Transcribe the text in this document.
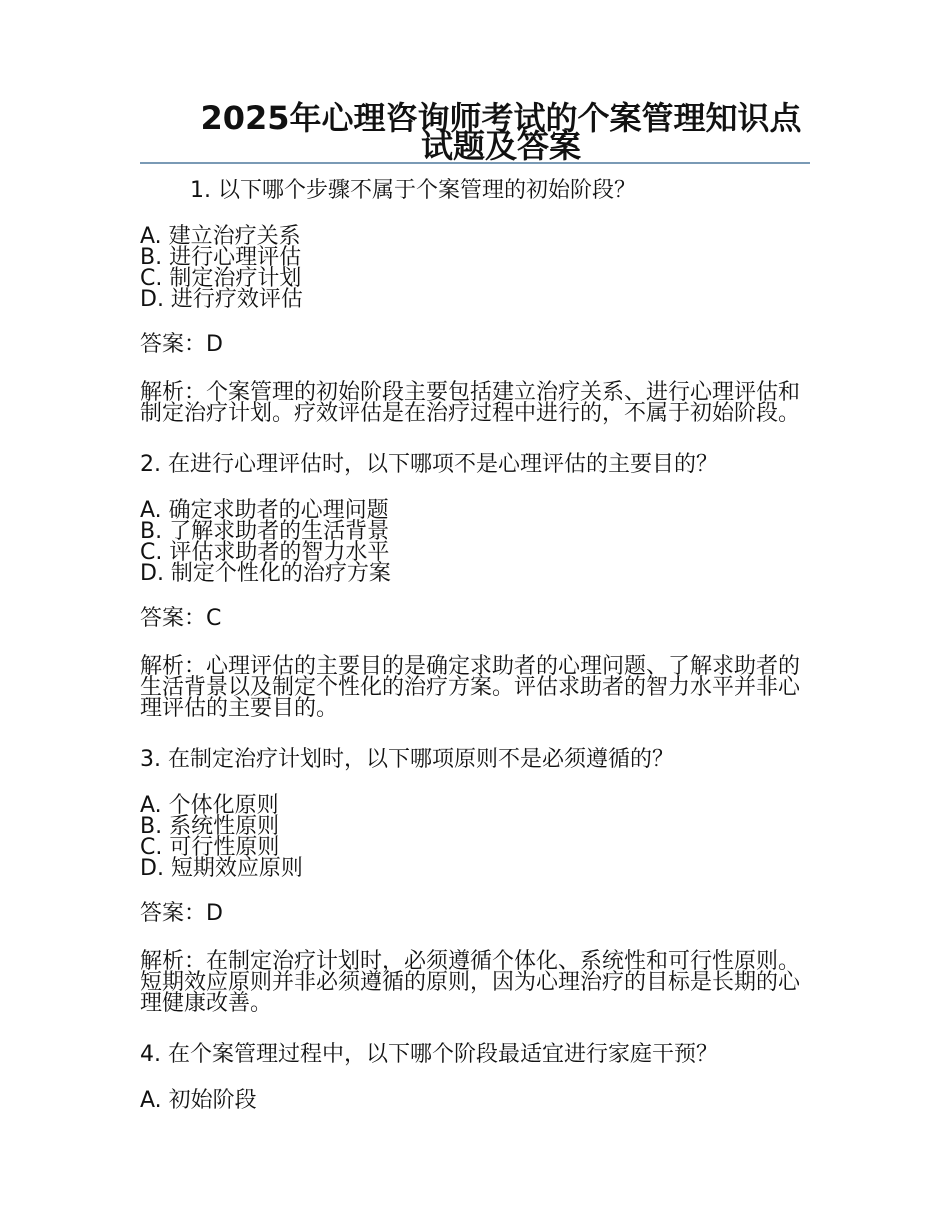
2025年心理咨询师考试的个案管理知识点试题及答案

1. 以下哪个步骤不属于个案管理的初始阶段？

A. 建立治疗关系
B. 进行心理评估
C. 制定治疗计划
D. 进行疗效评估

答案：D

解析：个案管理的初始阶段主要包括建立治疗关系、进行心理评估和制定治疗计划。疗效评估是在治疗过程中进行的，不属于初始阶段。

2. 在进行心理评估时，以下哪项不是心理评估的主要目的？

A. 确定求助者的心理问题
B. 了解求助者的生活背景
C. 评估求助者的智力水平
D. 制定个性化的治疗方案

答案：C

解析：心理评估的主要目的是确定求助者的心理问题、了解求助者的生活背景以及制定个性化的治疗方案。评估求助者的智力水平并非心理评估的主要目的。

3. 在制定治疗计划时，以下哪项原则不是必须遵循的？

A. 个体化原则
B. 系统性原则
C. 可行性原则
D. 短期效应原则

答案：D

解析：在制定治疗计划时，必须遵循个体化、系统性和可行性原则。短期效应原则并非必须遵循的原则，因为心理治疗的目标是长期的心理健康改善。

4. 在个案管理过程中，以下哪个阶段最适宜进行家庭干预？

A. 初始阶段
